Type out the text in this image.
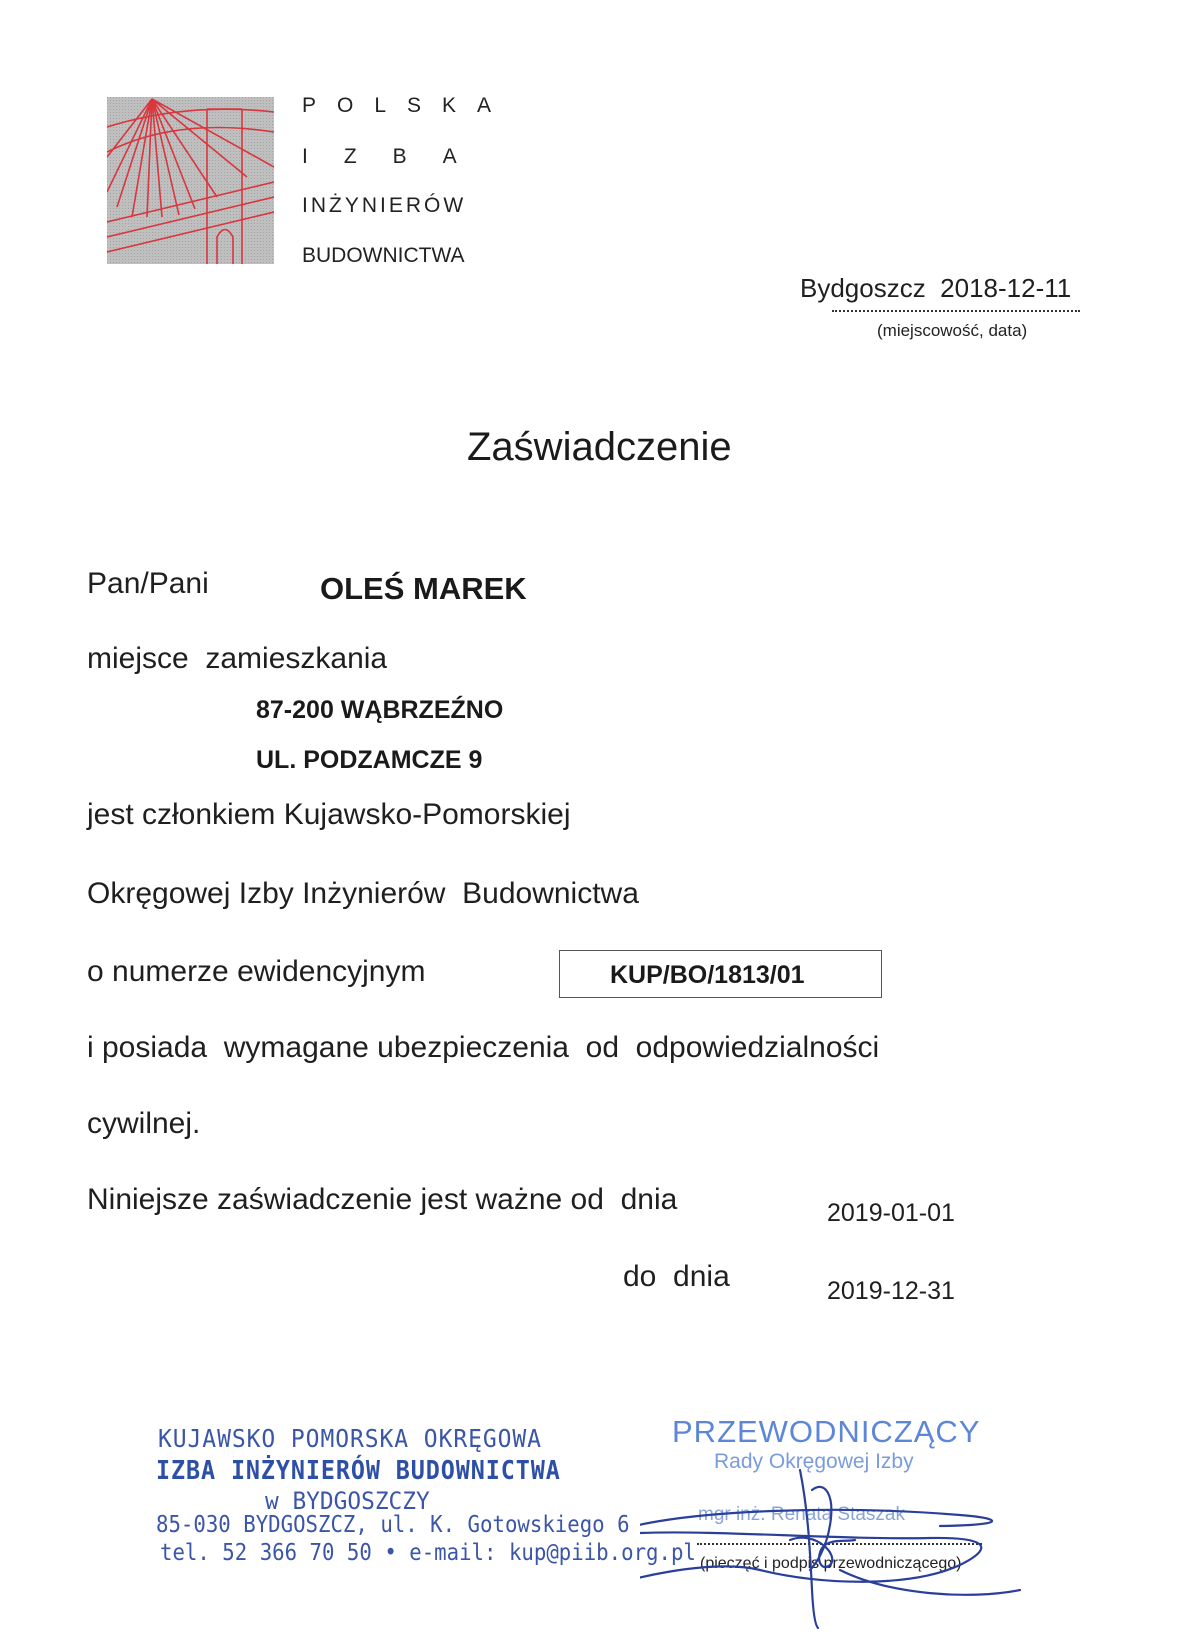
POLSKA
IZBA
INŻYNIERÓW
BUDOWNICTWA
Bydgoszcz  2018-12-11
(miejscowość, data)
Zaświadczenie
Pan/Pani	OLEŚ MAREK
miejsce  zamieszkania
87-200 WĄBRZEŹNO
UL. PODZAMCZE 9
jest członkiem Kujawsko-Pomorskiej
Okręgowej Izby Inżynierów  Budownictwa
o numerze ewidencyjnym	KUP/BO/1813/01
i posiada  wymagane ubezpieczenia  od  odpowiedzialności
cywilnej.
Niniejsze zaświadczenie jest ważne od  dnia	2019-01-01
do  dnia	2019-12-31
KUJAWSKO POMORSKA OKRĘGOWA
IZBA INŻYNIERÓW BUDOWNICTWA
w BYDGOSZCZY
85-030 BYDGOSZCZ, ul. K. Gotowskiego 6
tel. 52 366 70 50 • e-mail: kup@piib.org.pl
PRZEWODNICZĄCY
Rady Okręgowej Izby
mgr inż. Renata Staszak
(pieczęć i podpis przewodniczącego)
